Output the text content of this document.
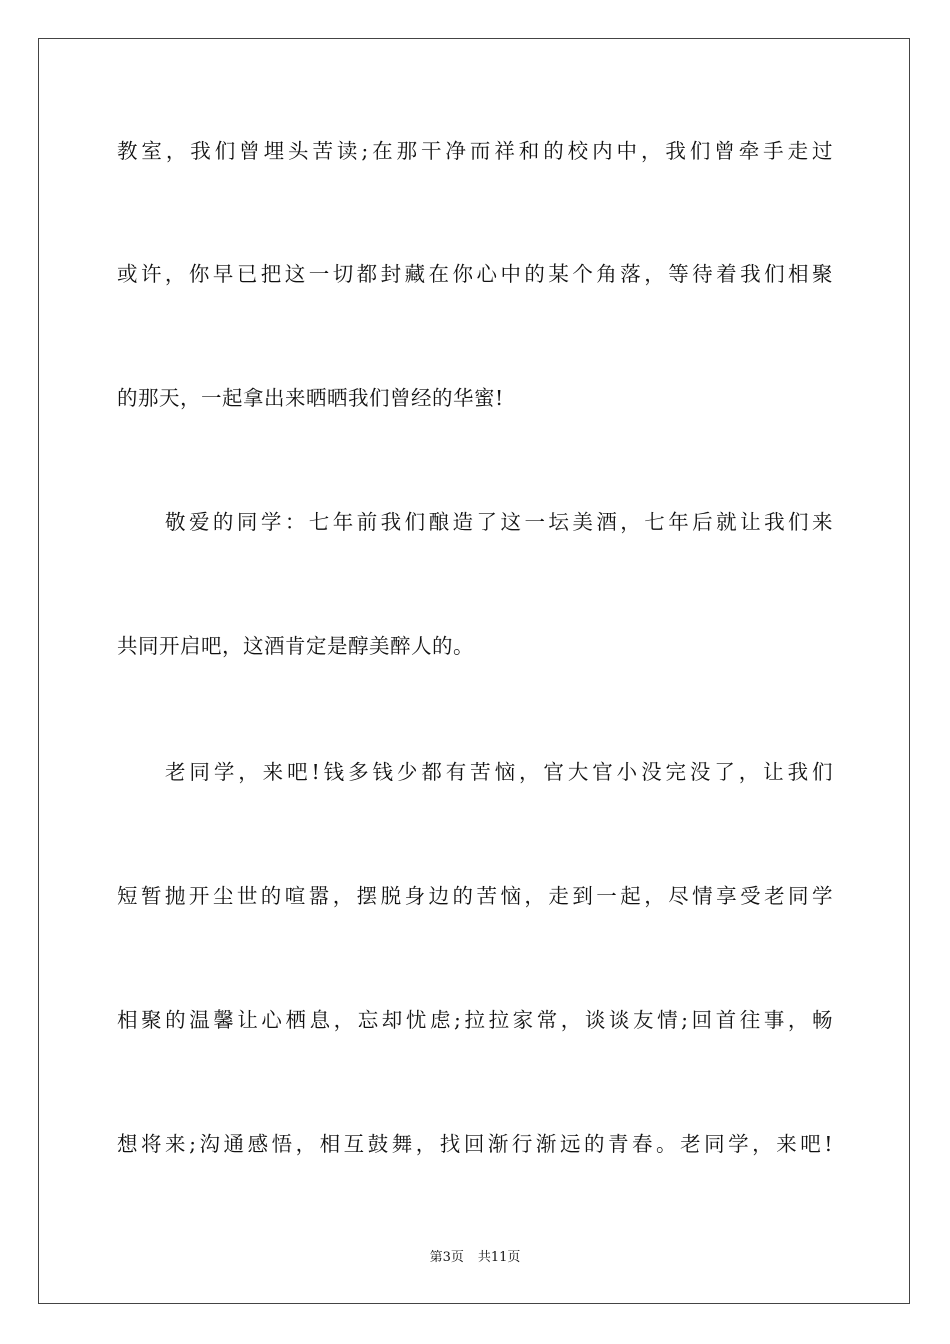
教室，我们曾埋头苦读;在那干净而祥和的校内中，我们曾牵手走过

或许，你早已把这一切都封藏在你心中的某个角落，等待着我们相聚

的那天，一起拿出来晒晒我们曾经的华蜜!

敬爱的同学：七年前我们酿造了这一坛美酒，七年后就让我们来

共同开启吧，这酒肯定是醇美醉人的。

老同学，来吧!钱多钱少都有苦恼，官大官小没完没了，让我们

短暂抛开尘世的喧嚣，摆脱身边的苦恼，走到一起，尽情享受老同学

相聚的温馨让心栖息，忘却忧虑;拉拉家常，谈谈友情;回首往事，畅

想将来;沟通感悟，相互鼓舞，找回渐行渐远的青春。老同学，来吧!

第3页 共11页
